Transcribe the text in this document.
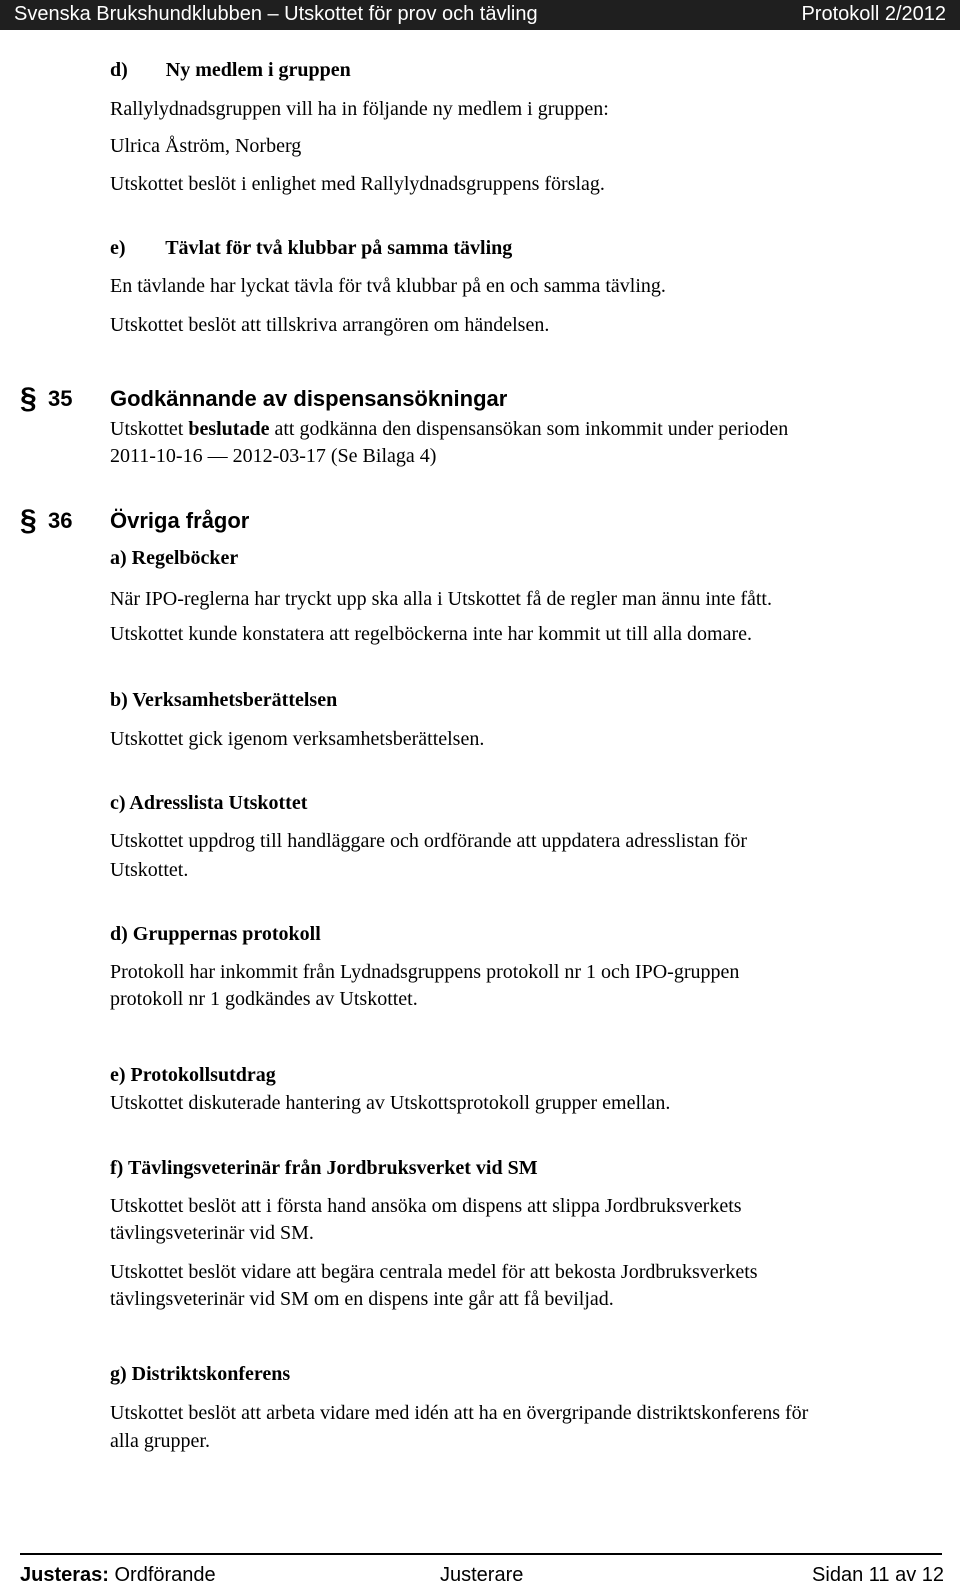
Svenska Brukshundklubben – Utskottet för prov och tävling	Protokoll 2/2012
d) Ny medlem i gruppen
Rallylydnadsgruppen vill ha in följande ny medlem i gruppen:
Ulrica Åström, Norberg
Utskottet beslöt i enlighet med Rallylydnadsgruppens förslag.
e) Tävlat för två klubbar på samma tävling
En tävlande har lyckat tävla för två klubbar på en och samma tävling.
Utskottet beslöt att tillskriva arrangören om händelsen.
§ 35 Godkännande av dispensansökningar
Utskottet beslutade att godkänna den dispensansökan som inkommit under perioden
2011-10-16 — 2012-03-17 (Se Bilaga 4)
§ 36 Övriga frågor
a) Regelböcker
När IPO-reglerna har tryckt upp ska alla i Utskottet få de regler man ännu inte fått.
Utskottet kunde konstatera att regelböckerna inte har kommit ut till alla domare.
b) Verksamhetsberättelsen
Utskottet gick igenom verksamhetsberättelsen.
c) Adresslista Utskottet
Utskottet uppdrog till handläggare och ordförande att uppdatera adresslistan för
Utskottet.
d) Gruppernas protokoll
Protokoll har inkommit från Lydnadsgruppens protokoll nr 1 och IPO-gruppen
protokoll nr 1 godkändes av Utskottet.
e) Protokollsutdrag
Utskottet diskuterade hantering av Utskottsprotokoll grupper emellan.
f) Tävlingsveterinär från Jordbruksverket vid SM
Utskottet beslöt att i första hand ansöka om dispens att slippa Jordbruksverkets
tävlingsveterinär vid SM.
Utskottet beslöt vidare att begära centrala medel för att bekosta Jordbruksverkets
tävlingsveterinär vid SM om en dispens inte går att få beviljad.
g) Distriktskonferens
Utskottet beslöt att arbeta vidare med idén att ha en övergripande distriktskonferens för
alla grupper.
Justeras: Ordförande	Justerare	Sidan 11 av 12
